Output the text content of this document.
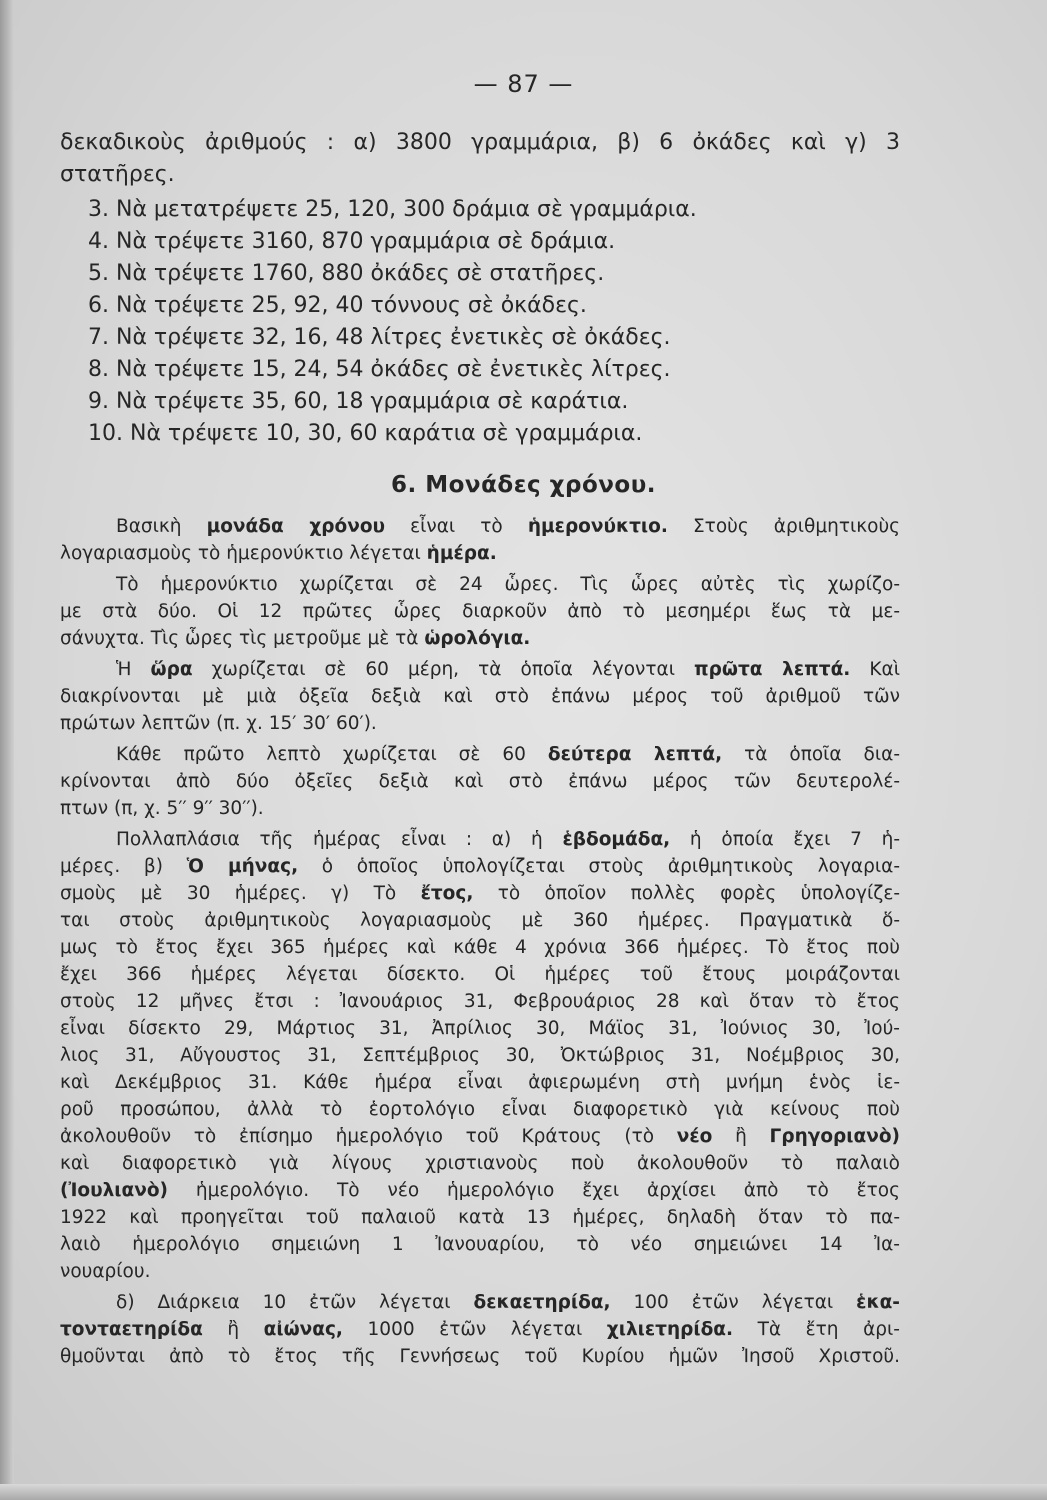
— 87 —
δεκαδικοὺς ἀριθμούς : α) 3800 γραμμάρια, β) 6 ὀκάδες καὶ γ) 3
στατῆρες.
3. Νὰ μετατρέψετε 25, 120, 300 δράμια σὲ γραμμάρια.
4. Νὰ τρέψετε 3160, 870 γραμμάρια σὲ δράμια.
5. Νὰ τρέψετε 1760, 880 ὀκάδες σὲ στατῆρες.
6. Νὰ τρέψετε 25, 92, 40 τόννους σὲ ὀκάδες.
7. Νὰ τρέψετε 32, 16, 48 λίτρες ἐνετικὲς σὲ ὀκάδες.
8. Νὰ τρέψετε 15, 24, 54 ὀκάδες σὲ ἐνετικὲς λίτρες.
9. Νὰ τρέψετε 35, 60, 18 γραμμάρια σὲ καράτια.
10. Νὰ τρέψετε 10, 30, 60 καράτια σὲ γραμμάρια.
6. Μονάδες χρόνου.
Βασικὴ μονάδα χρόνου εἶναι τὸ ἡμερονύκτιο. Στοὺς ἀριθμητικοὺς
λογαριασμοὺς τὸ ἡμερονύκτιο λέγεται ἡμέρα.
Τὸ ἡμερονύκτιο χωρίζεται σὲ 24 ὧρες. Τὶς ὧρες αὐτὲς τὶς χωρίζο-
με στὰ δύο. Οἱ 12 πρῶτες ὧρες διαρκοῦν ἀπὸ τὸ μεσημέρι ἕως τὰ με-
σάνυχτα. Τὶς ὧρες τὶς μετροῦμε μὲ τὰ ὡρολόγια.
Ἡ ὥρα χωρίζεται σὲ 60 μέρη, τὰ ὁποῖα λέγονται πρῶτα λεπτά. Καὶ
διακρίνονται μὲ μιὰ ὀξεῖα δεξιὰ καὶ στὸ ἐπάνω μέρος τοῦ ἀριθμοῦ τῶν
πρώτων λεπτῶν (π. χ. 15′ 30′ 60′).
Κάθε πρῶτο λεπτὸ χωρίζεται σὲ 60 δεύτερα λεπτά, τὰ ὁποῖα δια-
κρίνονται ἀπὸ δύο ὀξεῖες δεξιὰ καὶ στὸ ἐπάνω μέρος τῶν δευτερολέ-
πτων (π, χ. 5′′ 9′′ 30′′).
Πολλαπλάσια τῆς ἡμέρας εἶναι : α) ἡ ἑβδομάδα, ἡ ὁποία ἔχει 7 ἡ-
μέρες. β) Ὁ μήνας, ὁ ὁποῖος ὑπολογίζεται στοὺς ἀριθμητικοὺς λογαρια-
σμοὺς μὲ 30 ἡμέρες. γ) Τὸ ἔτος, τὸ ὁποῖον πολλὲς φορὲς ὑπολογίζε-
ται στοὺς ἀριθμητικοὺς λογαριασμοὺς μὲ 360 ἡμέρες. Πραγματικὰ ὅ-
μως τὸ ἔτος ἔχει 365 ἡμέρες καὶ κάθε 4 χρόνια 366 ἡμέρες. Τὸ ἔτος ποὺ
ἔχει 366 ἡμέρες λέγεται δίσεκτο. Οἱ ἡμέρες τοῦ ἔτους μοιράζονται
στοὺς 12 μῆνες ἔτσι : Ἰανουάριος 31, Φεβρουάριος 28 καὶ ὅταν τὸ ἔτος
εἶναι δίσεκτο 29, Μάρτιος 31, Ἀπρίλιος 30, Μάϊος 31, Ἰούνιος 30, Ἰού-
λιος 31, Αὔγουστος 31, Σεπτέμβριος 30, Ὀκτώβριος 31, Νοέμβριος 30,
καὶ Δεκέμβριος 31. Κάθε ἡμέρα εἶναι ἀφιερωμένη στὴ μνήμη ἑνὸς ἱε-
ροῦ προσώπου, ἀλλὰ τὸ ἑορτολόγιο εἶναι διαφορετικὸ γιὰ κείνους ποὺ
ἀκολουθοῦν τὸ ἐπίσημο ἡμερολόγιο τοῦ Κράτους (τὸ νέο ἢ Γρηγοριανὸ)
καὶ διαφορετικὸ γιὰ λίγους χριστιανοὺς ποὺ ἀκολουθοῦν τὸ παλαιὸ
(Ἰουλιανὸ) ἡμερολόγιο. Τὸ νέο ἡμερολόγιο ἔχει ἀρχίσει ἀπὸ τὸ ἔτος
1922 καὶ προηγεῖται τοῦ παλαιοῦ κατὰ 13 ἡμέρες, δηλαδὴ ὅταν τὸ πα-
λαιὸ ἡμερολόγιο σημειώνη 1 Ἰανουαρίου, τὸ νέο σημειώνει 14 Ἰα-
νουαρίου.
δ) Διάρκεια 10 ἐτῶν λέγεται δεκαετηρίδα, 100 ἐτῶν λέγεται ἑκα-
τονταετηρίδα ἢ αἰώνας, 1000 ἐτῶν λέγεται χιλιετηρίδα. Τὰ ἔτη ἀρι-
θμοῦνται ἀπὸ τὸ ἔτος τῆς Γεννήσεως τοῦ Κυρίου ἡμῶν Ἰησοῦ Χριστοῦ.
